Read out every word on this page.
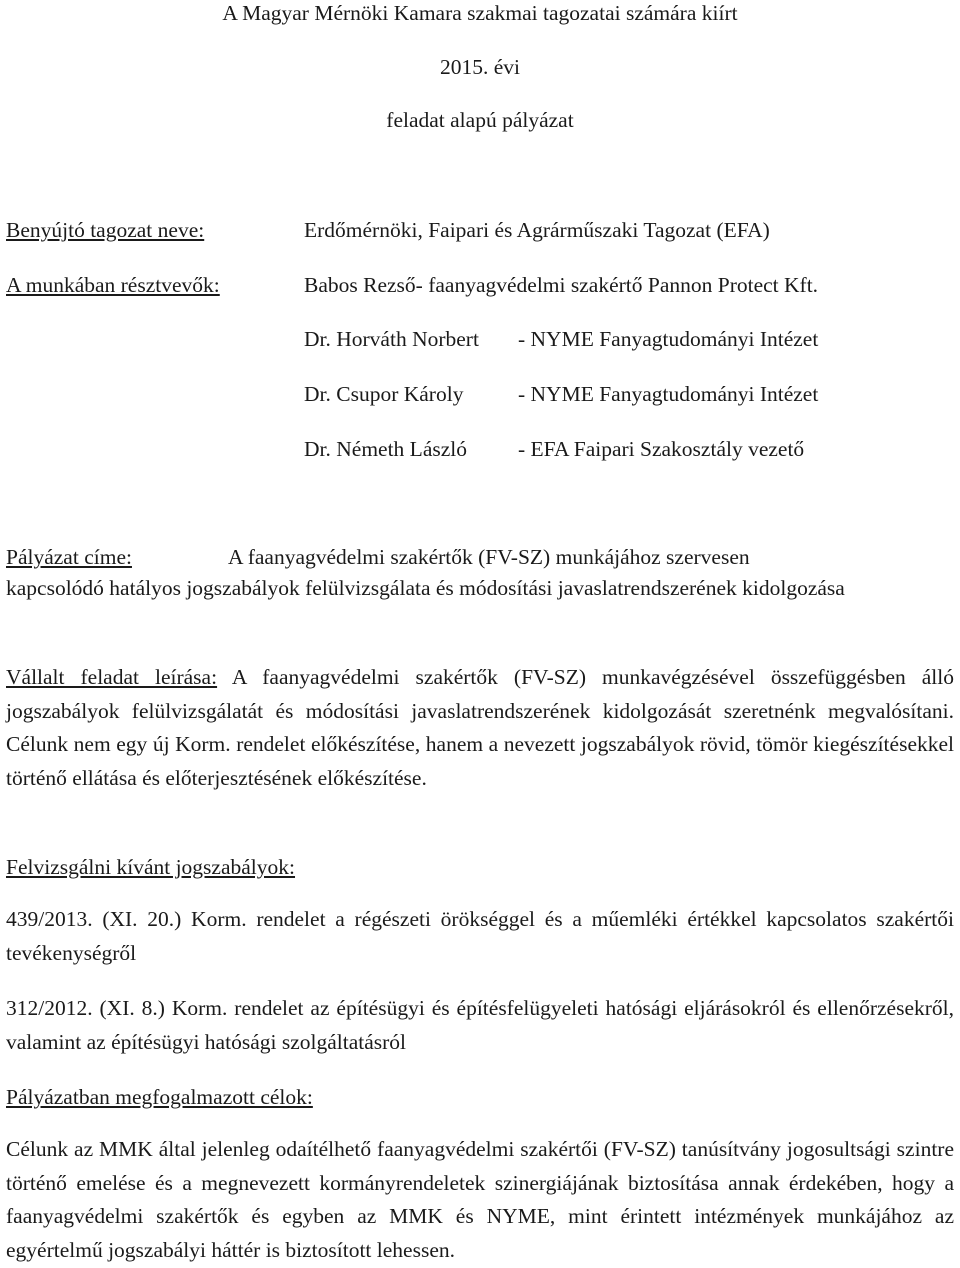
A Magyar Mérnöki Kamara szakmai tagozatai számára kiírt
2015. évi
feladat alapú pályázat
Benyújtó tagozat neve:	Erdőmérnöki, Faipari és Agrárműszaki Tagozat (EFA)
A munkában résztvevők:	Babos Rezső- faanyagvédelmi szakértő Pannon Protect Kft.
Dr. Horváth Norbert - NYME Fanyagtudományi Intézet
Dr. Csupor Károly	- NYME Fanyagtudományi Intézet
Dr. Németh László - EFA Faipari Szakosztály vezető
Pályázat címe:	A faanyagvédelmi szakértők (FV-SZ) munkájához szervesen
kapcsolódó hatályos jogszabályok felülvizsgálata és módosítási javaslatrendszerének kidolgozása
Vállalt feladat leírása: A faanyagvédelmi szakértők (FV-SZ) munkavégzésével összefüggésben álló jogszabályok felülvizsgálatát és módosítási javaslatrendszerének kidolgozását szeretnénk megvalósítani. Célunk nem egy új Korm. rendelet előkészítése, hanem a nevezett jogszabályok rövid, tömör kiegészítésekkel történő ellátása és előterjesztésének előkészítése.
Felvizsgálni kívánt jogszabályok:
439/2013. (XI. 20.) Korm. rendelet a régészeti örökséggel és a műemléki értékkel kapcsolatos szakértői tevékenységről
312/2012. (XI. 8.) Korm. rendelet az építésügyi és építésfelügyeleti hatósági eljárásokról és ellenőrzésekről, valamint az építésügyi hatósági szolgáltatásról
Pályázatban megfogalmazott célok:
Célunk az MMK által jelenleg odaítélhető faanyagvédelmi szakértői (FV-SZ) tanúsítvány jogosultsági szintre történő emelése és a megnevezett kormányrendeletek szinergiájának biztosítása annak érdekében, hogy a faanyagvédelmi szakértők és egyben az MMK és NYME, mint érintett intézmények munkájához az egyértelmű jogszabályi háttér is biztosított lehessen.
